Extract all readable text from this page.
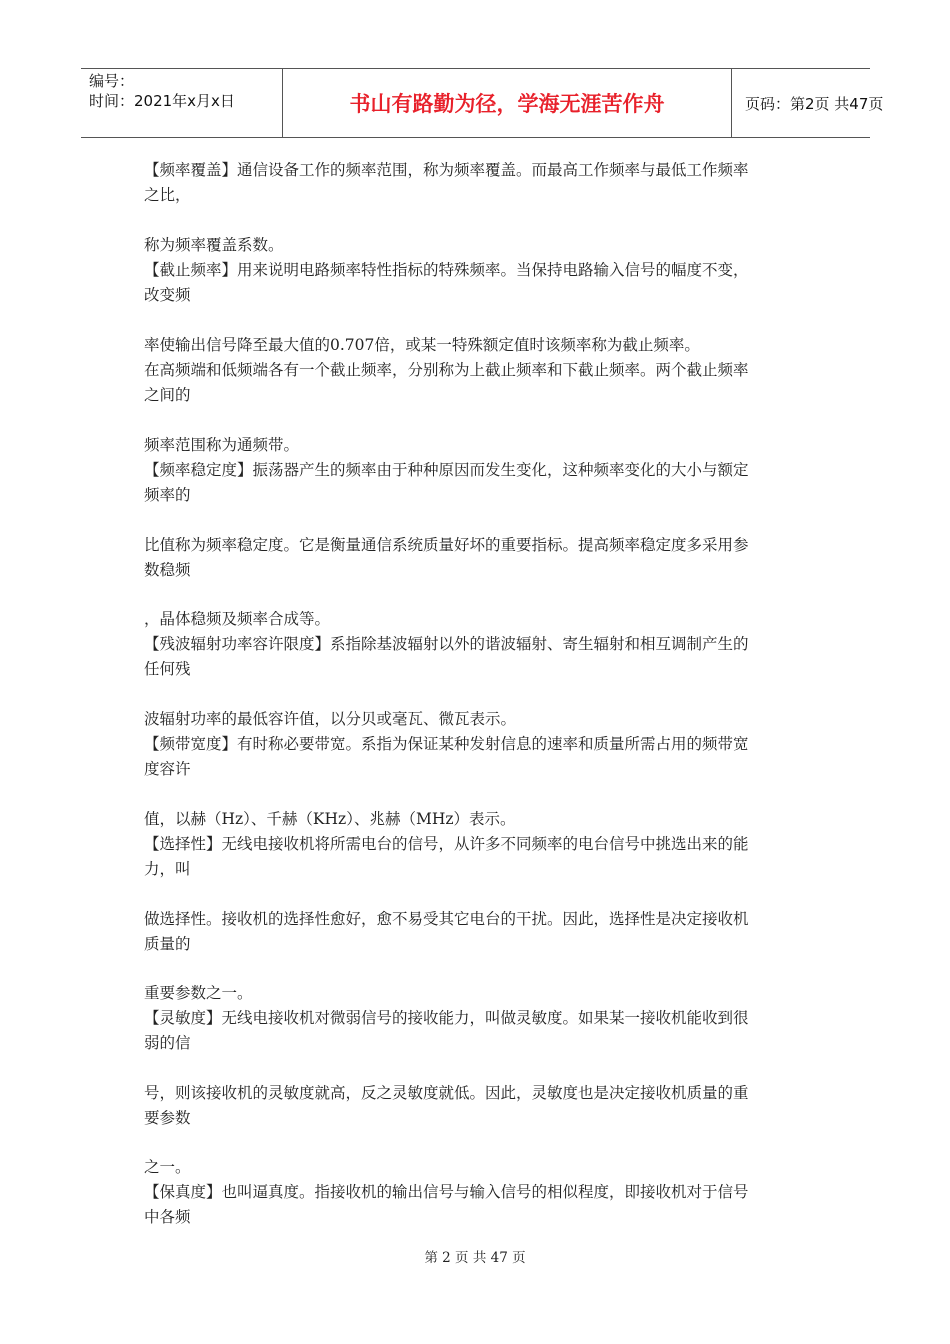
编号：
时间：2021年x月x日	书山有路勤为径，学海无涯苦作舟	页码：第2页 共47页
【频率覆盖】通信设备工作的频率范围，称为频率覆盖。而最高工作频率与最低工作频率
之比，
称为频率覆盖系数。
【截止频率】用来说明电路频率特性指标的特殊频率。当保持电路输入信号的幅度不变，
改变频
率使输出信号降至最大值的0.707倍，或某一特殊额定值时该频率称为截止频率。
在高频端和低频端各有一个截止频率，分别称为上截止频率和下截止频率。两个截止频率
之间的
频率范围称为通频带。
【频率稳定度】振荡器产生的频率由于种种原因而发生变化，这种频率变化的大小与额定
频率的
比值称为频率稳定度。它是衡量通信系统质量好坏的重要指标。提高频率稳定度多采用参
数稳频
，晶体稳频及频率合成等。
【残波辐射功率容许限度】系指除基波辐射以外的谐波辐射、寄生辐射和相互调制产生的
任何残
波辐射功率的最低容许值，以分贝或毫瓦、微瓦表示。
【频带宽度】有时称必要带宽。系指为保证某种发射信息的速率和质量所需占用的频带宽
度容许
值，以赫（Hz）、千赫（KHz）、兆赫（MHz）表示。
【选择性】无线电接收机将所需电台的信号，从许多不同频率的电台信号中挑选出来的能
力，叫
做选择性。接收机的选择性愈好，愈不易受其它电台的干扰。因此，选择性是决定接收机
质量的
重要参数之一。
【灵敏度】无线电接收机对微弱信号的接收能力，叫做灵敏度。如果某一接收机能收到很
弱的信
号，则该接收机的灵敏度就高，反之灵敏度就低。因此，灵敏度也是决定接收机质量的重
要参数
之一。
【保真度】也叫逼真度。指接收机的输出信号与输入信号的相似程度，即接收机对于信号
中各频
第 2 页 共 47 页
